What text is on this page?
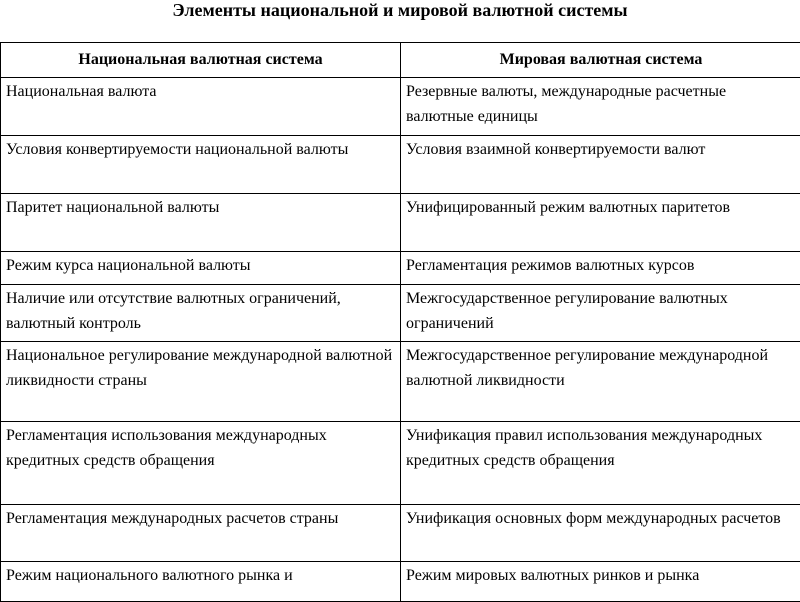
Элементы национальной и мировой валютной системы
Национальная валютная система	Мировая валютная система
Национальная валюта	Резервные валюты, международные расчетные валютные единицы
Условия конвертируемости национальной валюты	Условия взаимной конвертируемости валют
Паритет национальной валюты	Унифицированный режим валютных паритетов
Режим курса национальной валюты	Регламентация режимов валютных курсов
Наличие или отсутствие валютных ограничений, валютный контроль	Межгосударственное регулирование валютных ограничений
Национальное регулирование международной валютной ликвидности страны	Межгосударственное регулирование международной валютной ликвидности
Регламентация использования международных кредитных средств обращения	Унификация правил использования международных кредитных средств обращения
Регламентация международных расчетов страны	Унификация основных форм международных расчетов
Режим национального валютного рынка и	Режим мировых валютных ринков и рынка
